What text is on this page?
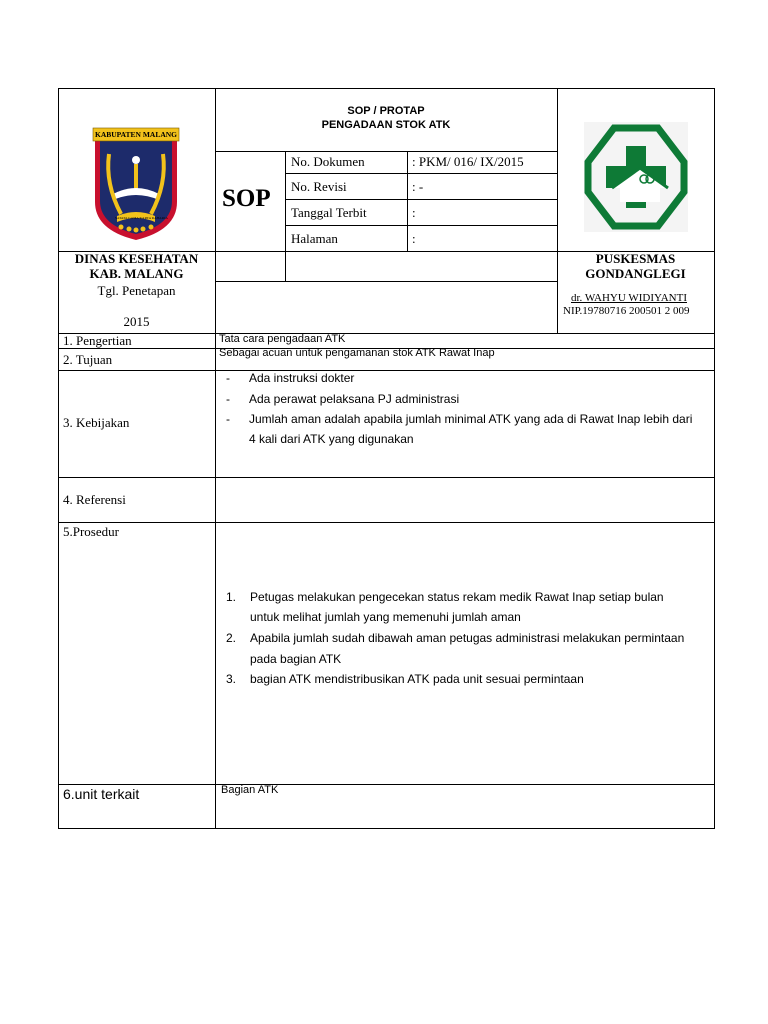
SOP / PROTAP
PENGADAAN STOK ATK
SOP
No. Dokumen	: PKM/ 016/ IX/2015
No. Revisi	: -
Tanggal Terbit	:
Halaman	:
KABUPATEN MALANG
SATATA GAMA KARTA RAHARJA
DINAS KESEHATAN
KAB. MALANG
PUSKESMAS
GONDANGLEGI
Tgl. Penetapan
2015
dr. WAHYU WIDIYANTI
NIP.19780716 200501 2 009
1. Pengertian	Tata cara pengadaan ATK
2. Tujuan	Sebagai acuan untuk pengamanan stok ATK Rawat Inap
3. Kebijakan
- Ada instruksi dokter
- Ada perawat pelaksana PJ administrasi
- Jumlah aman adalah apabila jumlah minimal ATK yang ada di Rawat Inap lebih dari
4 kali dari ATK yang digunakan
4. Referensi
5.Prosedur
1. Petugas melakukan pengecekan status rekam medik Rawat Inap setiap bulan
untuk melihat jumlah yang memenuhi jumlah aman
2. Apabila jumlah sudah dibawah aman petugas administrasi melakukan permintaan
pada bagian ATK
3. bagian ATK mendistribusikan ATK pada unit sesuai permintaan
6.unit terkait	Bagian ATK
